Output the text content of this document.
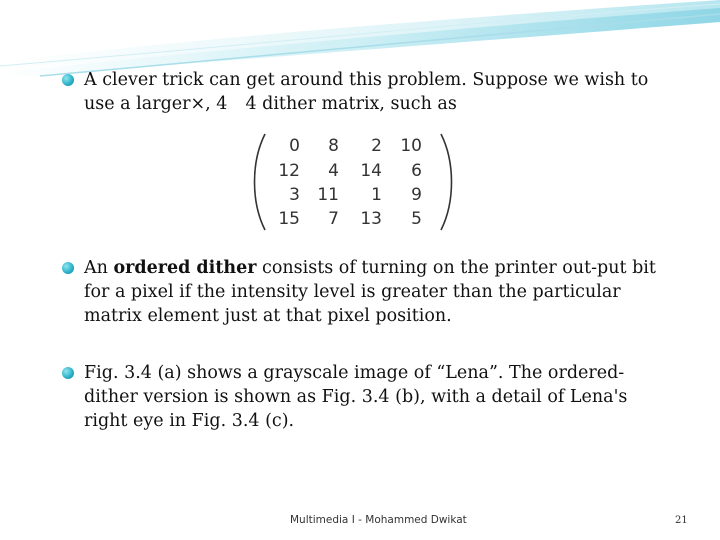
A clever trick can get around this problem. Suppose we wish to use a larger×, 4 4 dither matrix, such as
An ordered dither consists of turning on the printer out-put bit for a pixel if the intensity level is greater than the particular matrix element just at that pixel position.
Fig. 3.4 (a) shows a grayscale image of “Lena”. The ordered-dither version is shown as Fig. 3.4 (b), with a detail of Lena's right eye in Fig. 3.4 (c).
0	8	2	10
12	4	14	6
3	11	1	9
15	7	13	5
Multimedia I - Mohammed Dwikat	21
